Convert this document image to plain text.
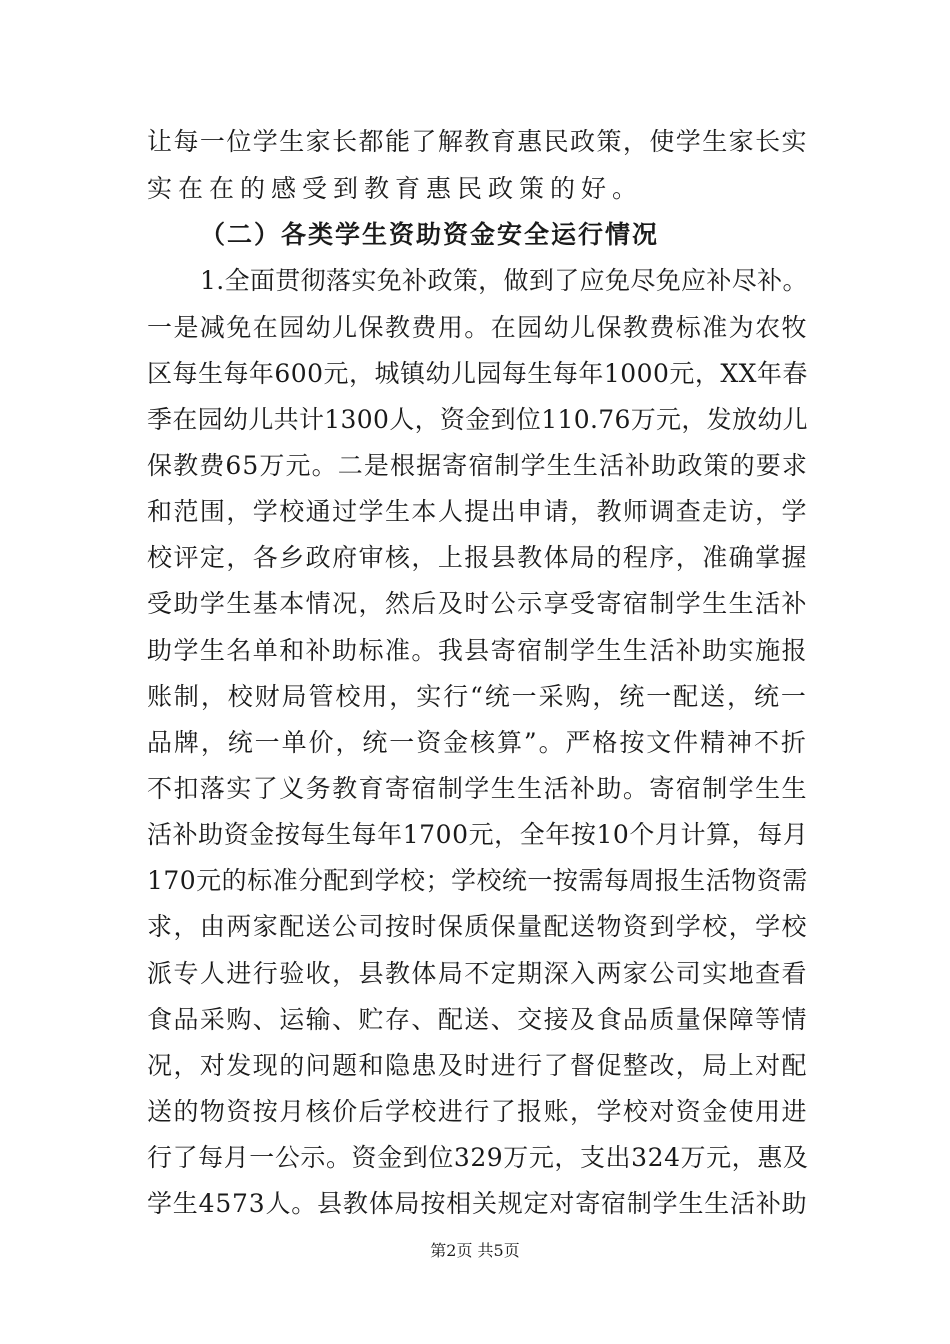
让每一位学生家长都能了解教育惠民政策，使学生家长实
实在在的感受到教育惠民政策的好。
（二）各类学生资助资金安全运行情况
1.全面贯彻落实免补政策，做到了应免尽免应补尽补。
一是减免在园幼儿保教费用。在园幼儿保教费标准为农牧
区每生每年600元，城镇幼儿园每生每年1000元，XX年春
季在园幼儿共计1300人，资金到位110.76万元，发放幼儿
保教费65万元。二是根据寄宿制学生生活补助政策的要求
和范围，学校通过学生本人提出申请，教师调查走访，学
校评定，各乡政府审核，上报县教体局的程序，准确掌握
受助学生基本情况，然后及时公示享受寄宿制学生生活补
助学生名单和补助标准。我县寄宿制学生生活补助实施报
账制，校财局管校用，实行“统一采购，统一配送，统一
品牌，统一单价，统一资金核算”。严格按文件精神不折
不扣落实了义务教育寄宿制学生生活补助。寄宿制学生生
活补助资金按每生每年1700元，全年按10个月计算，每月
170元的标准分配到学校；学校统一按需每周报生活物资需
求，由两家配送公司按时保质保量配送物资到学校，学校
派专人进行验收，县教体局不定期深入两家公司实地查看
食品采购、运输、贮存、配送、交接及食品质量保障等情
况，对发现的问题和隐患及时进行了督促整改，局上对配
送的物资按月核价后学校进行了报账，学校对资金使用进
行了每月一公示。资金到位329万元，支出324万元，惠及
学生4573人。县教体局按相关规定对寄宿制学生生活补助
第2页 共5页
